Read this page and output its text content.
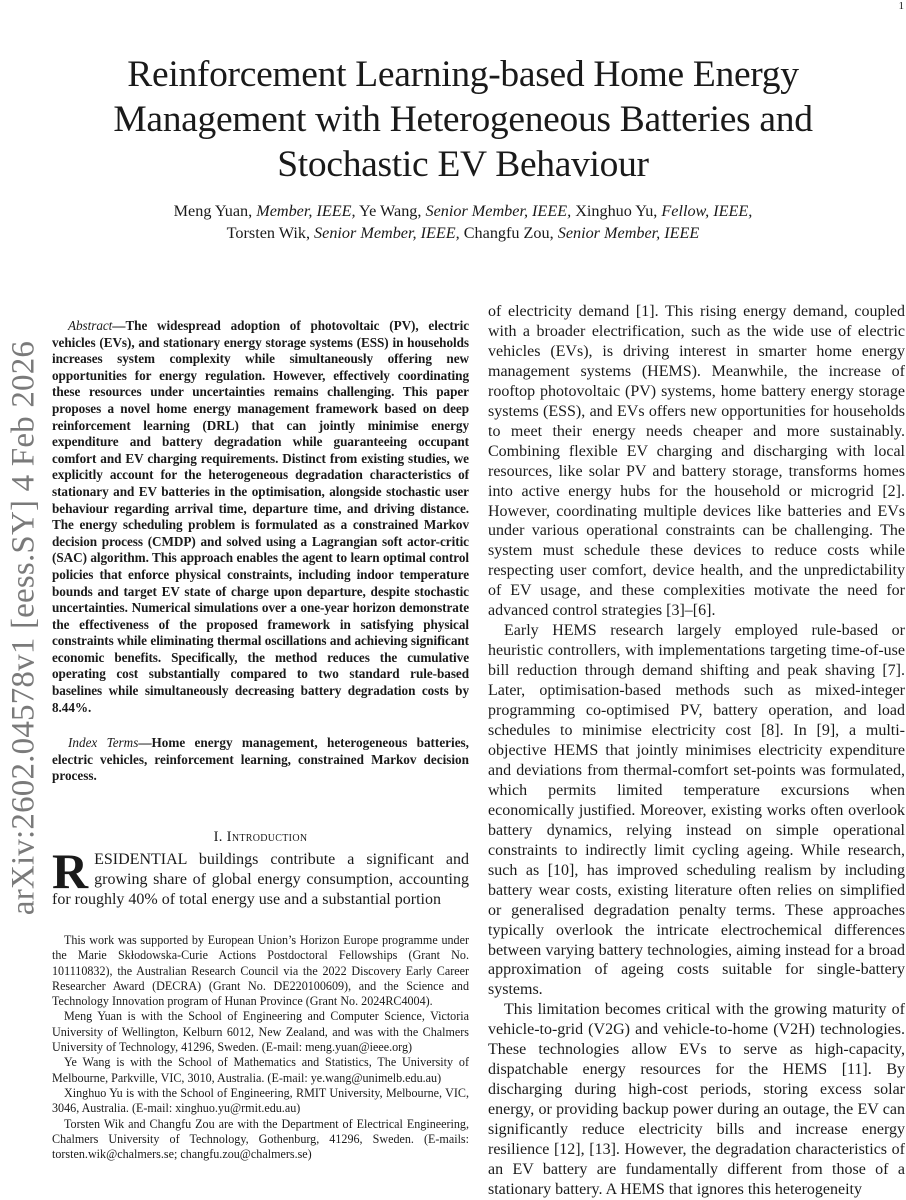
1
Reinforcement Learning-based Home Energy Management with Heterogeneous Batteries and Stochastic EV Behaviour
Meng Yuan, Member, IEEE, Ye Wang, Senior Member, IEEE, Xinghuo Yu, Fellow, IEEE,
Torsten Wik, Senior Member, IEEE, Changfu Zou, Senior Member, IEEE
arXiv:2602.04578v1 [eess.SY] 4 Feb 2026
Abstract—The widespread adoption of photovoltaic (PV), electric vehicles (EVs), and stationary energy storage systems (ESS) in households increases system complexity while simultaneously offering new opportunities for energy regulation. However, effectively coordinating these resources under uncertainties remains challenging. This paper proposes a novel home energy management framework based on deep reinforcement learning (DRL) that can jointly minimise energy expenditure and battery degradation while guaranteeing occupant comfort and EV charging requirements. Distinct from existing studies, we explicitly account for the heterogeneous degradation characteristics of stationary and EV batteries in the optimisation, alongside stochastic user behaviour regarding arrival time, departure time, and driving distance. The energy scheduling problem is formulated as a constrained Markov decision process (CMDP) and solved using a Lagrangian soft actor-critic (SAC) algorithm. This approach enables the agent to learn optimal control policies that enforce physical constraints, including indoor temperature bounds and target EV state of charge upon departure, despite stochastic uncertainties. Numerical simulations over a one-year horizon demonstrate the effectiveness of the proposed framework in satisfying physical constraints while eliminating thermal oscillations and achieving significant economic benefits. Specifically, the method reduces the cumulative operating cost substantially compared to two standard rule-based baselines while simultaneously decreasing battery degradation costs by 8.44%.
Index Terms—Home energy management, heterogeneous batteries, electric vehicles, reinforcement learning, constrained Markov decision process.
I. Introduction
RESIDENTIAL buildings contribute a significant and growing share of global energy consumption, accounting for roughly 40% of total energy use and a substantial portion

This work was supported by European Union’s Horizon Europe programme under the Marie Skłodowska-Curie Actions Postdoctoral Fellowships (Grant No. 101110832), the Australian Research Council via the 2022 Discovery Early Career Researcher Award (DECRA) (Grant No. DE220100609), and the Science and Technology Innovation program of Hunan Province (Grant No. 2024RC4004).

Meng Yuan is with the School of Engineering and Computer Science, Victoria University of Wellington, Kelburn 6012, New Zealand, and was with the Chalmers University of Technology, 41296, Sweden. (E-mail: meng.yuan@ieee.org)

Ye Wang is with the School of Mathematics and Statistics, The University of Melbourne, Parkville, VIC, 3010, Australia. (E-mail: ye.wang@unimelb.edu.au)

Xinghuo Yu is with the School of Engineering, RMIT University, Melbourne, VIC, 3046, Australia. (E-mail: xinghuo.yu@rmit.edu.au)

Torsten Wik and Changfu Zou are with the Department of Electrical Engineering, Chalmers University of Technology, Gothenburg, 41296, Sweden. (E-mails: torsten.wik@chalmers.se; changfu.zou@chalmers.se)

of electricity demand [1]. This rising energy demand, coupled with a broader electrification, such as the wide use of electric vehicles (EVs), is driving interest in smarter home energy management systems (HEMS). Meanwhile, the increase of rooftop photovoltaic (PV) systems, home battery energy storage systems (ESS), and EVs offers new opportunities for households to meet their energy needs cheaper and more sustainably. Combining flexible EV charging and discharging with local resources, like solar PV and battery storage, transforms homes into active energy hubs for the household or microgrid [2]. However, coordinating multiple devices like batteries and EVs under various operational constraints can be challenging. The system must schedule these devices to reduce costs while respecting user comfort, device health, and the unpredictability of EV usage, and these complexities motivate the need for advanced control strategies [3]–[6].

Early HEMS research largely employed rule-based or heuristic controllers, with implementations targeting time-of-use bill reduction through demand shifting and peak shaving [7]. Later, optimisation-based methods such as mixed-integer programming co-optimised PV, battery operation, and load schedules to minimise electricity cost [8]. In [9], a multi-objective HEMS that jointly minimises electricity expenditure and deviations from thermal-comfort set-points was formulated, which permits limited temperature excursions when economically justified. Moreover, existing works often overlook battery dynamics, relying instead on simple operational constraints to indirectly limit cycling ageing. While research, such as [10], has improved scheduling realism by including battery wear costs, existing literature often relies on simplified or generalised degradation penalty terms. These approaches typically overlook the intricate electrochemical differences between varying battery technologies, aiming instead for a broad approximation of ageing costs suitable for single-battery systems.

This limitation becomes critical with the growing maturity of vehicle-to-grid (V2G) and vehicle-to-home (V2H) technologies. These technologies allow EVs to serve as high-capacity, dispatchable energy resources for the HEMS [11]. By discharging during high-cost periods, storing excess solar energy, or providing backup power during an outage, the EV can significantly reduce electricity bills and increase energy resilience [12], [13]. However, the degradation characteristics of an EV battery are fundamentally different from those of a stationary battery. A HEMS that ignores this heterogeneity
